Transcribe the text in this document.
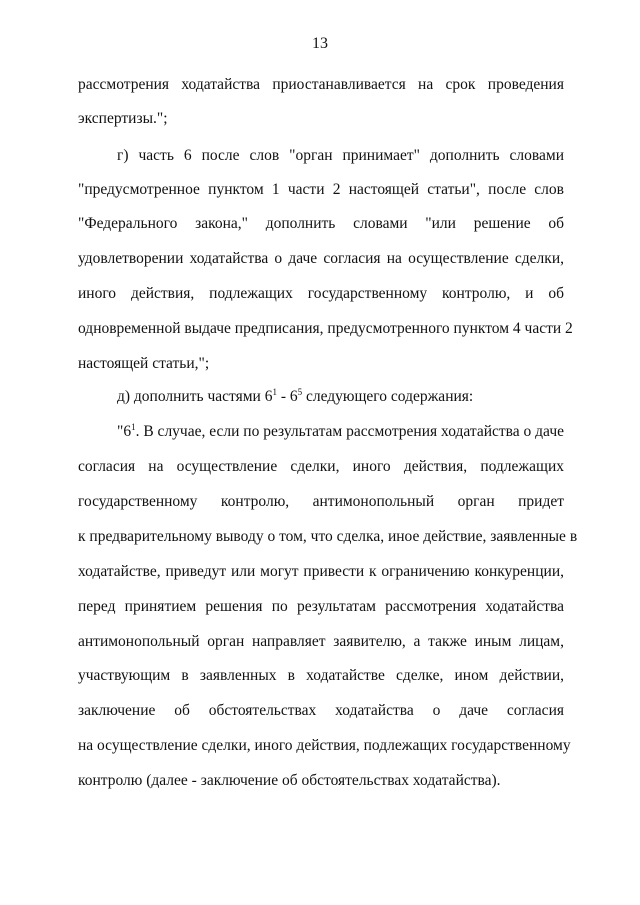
13
рассмотрения ходатайства приостанавливается на срок проведения
экспертизы.";
г) часть 6 после слов "орган принимает" дополнить словами
"предусмотренное пунктом 1 части 2 настоящей статьи", после слов
"Федерального закона," дополнить словами "или решение об
удовлетворении ходатайства о даче согласия на осуществление сделки,
иного действия, подлежащих государственному контролю, и об
одновременной выдаче предписания, предусмотренного пунктом 4 части 2
настоящей статьи,";
д) дополнить частями $6^1 - 6^5$ следующего содержания:
"$6^1$. В случае, если по результатам рассмотрения ходатайства о даче
согласия на осуществление сделки, иного действия, подлежащих
государственному контролю, антимонопольный орган придет
к предварительному выводу о том, что сделка, иное действие, заявленные в
ходатайстве, приведут или могут привести к ограничению конкуренции,
перед принятием решения по результатам рассмотрения ходатайства
антимонопольный орган направляет заявителю, а также иным лицам,
участвующим в заявленных в ходатайстве сделке, ином действии,
заключение об обстоятельствах ходатайства о даче согласия
на осуществление сделки, иного действия, подлежащих государственному
контролю (далее - заключение об обстоятельствах ходатайства).
